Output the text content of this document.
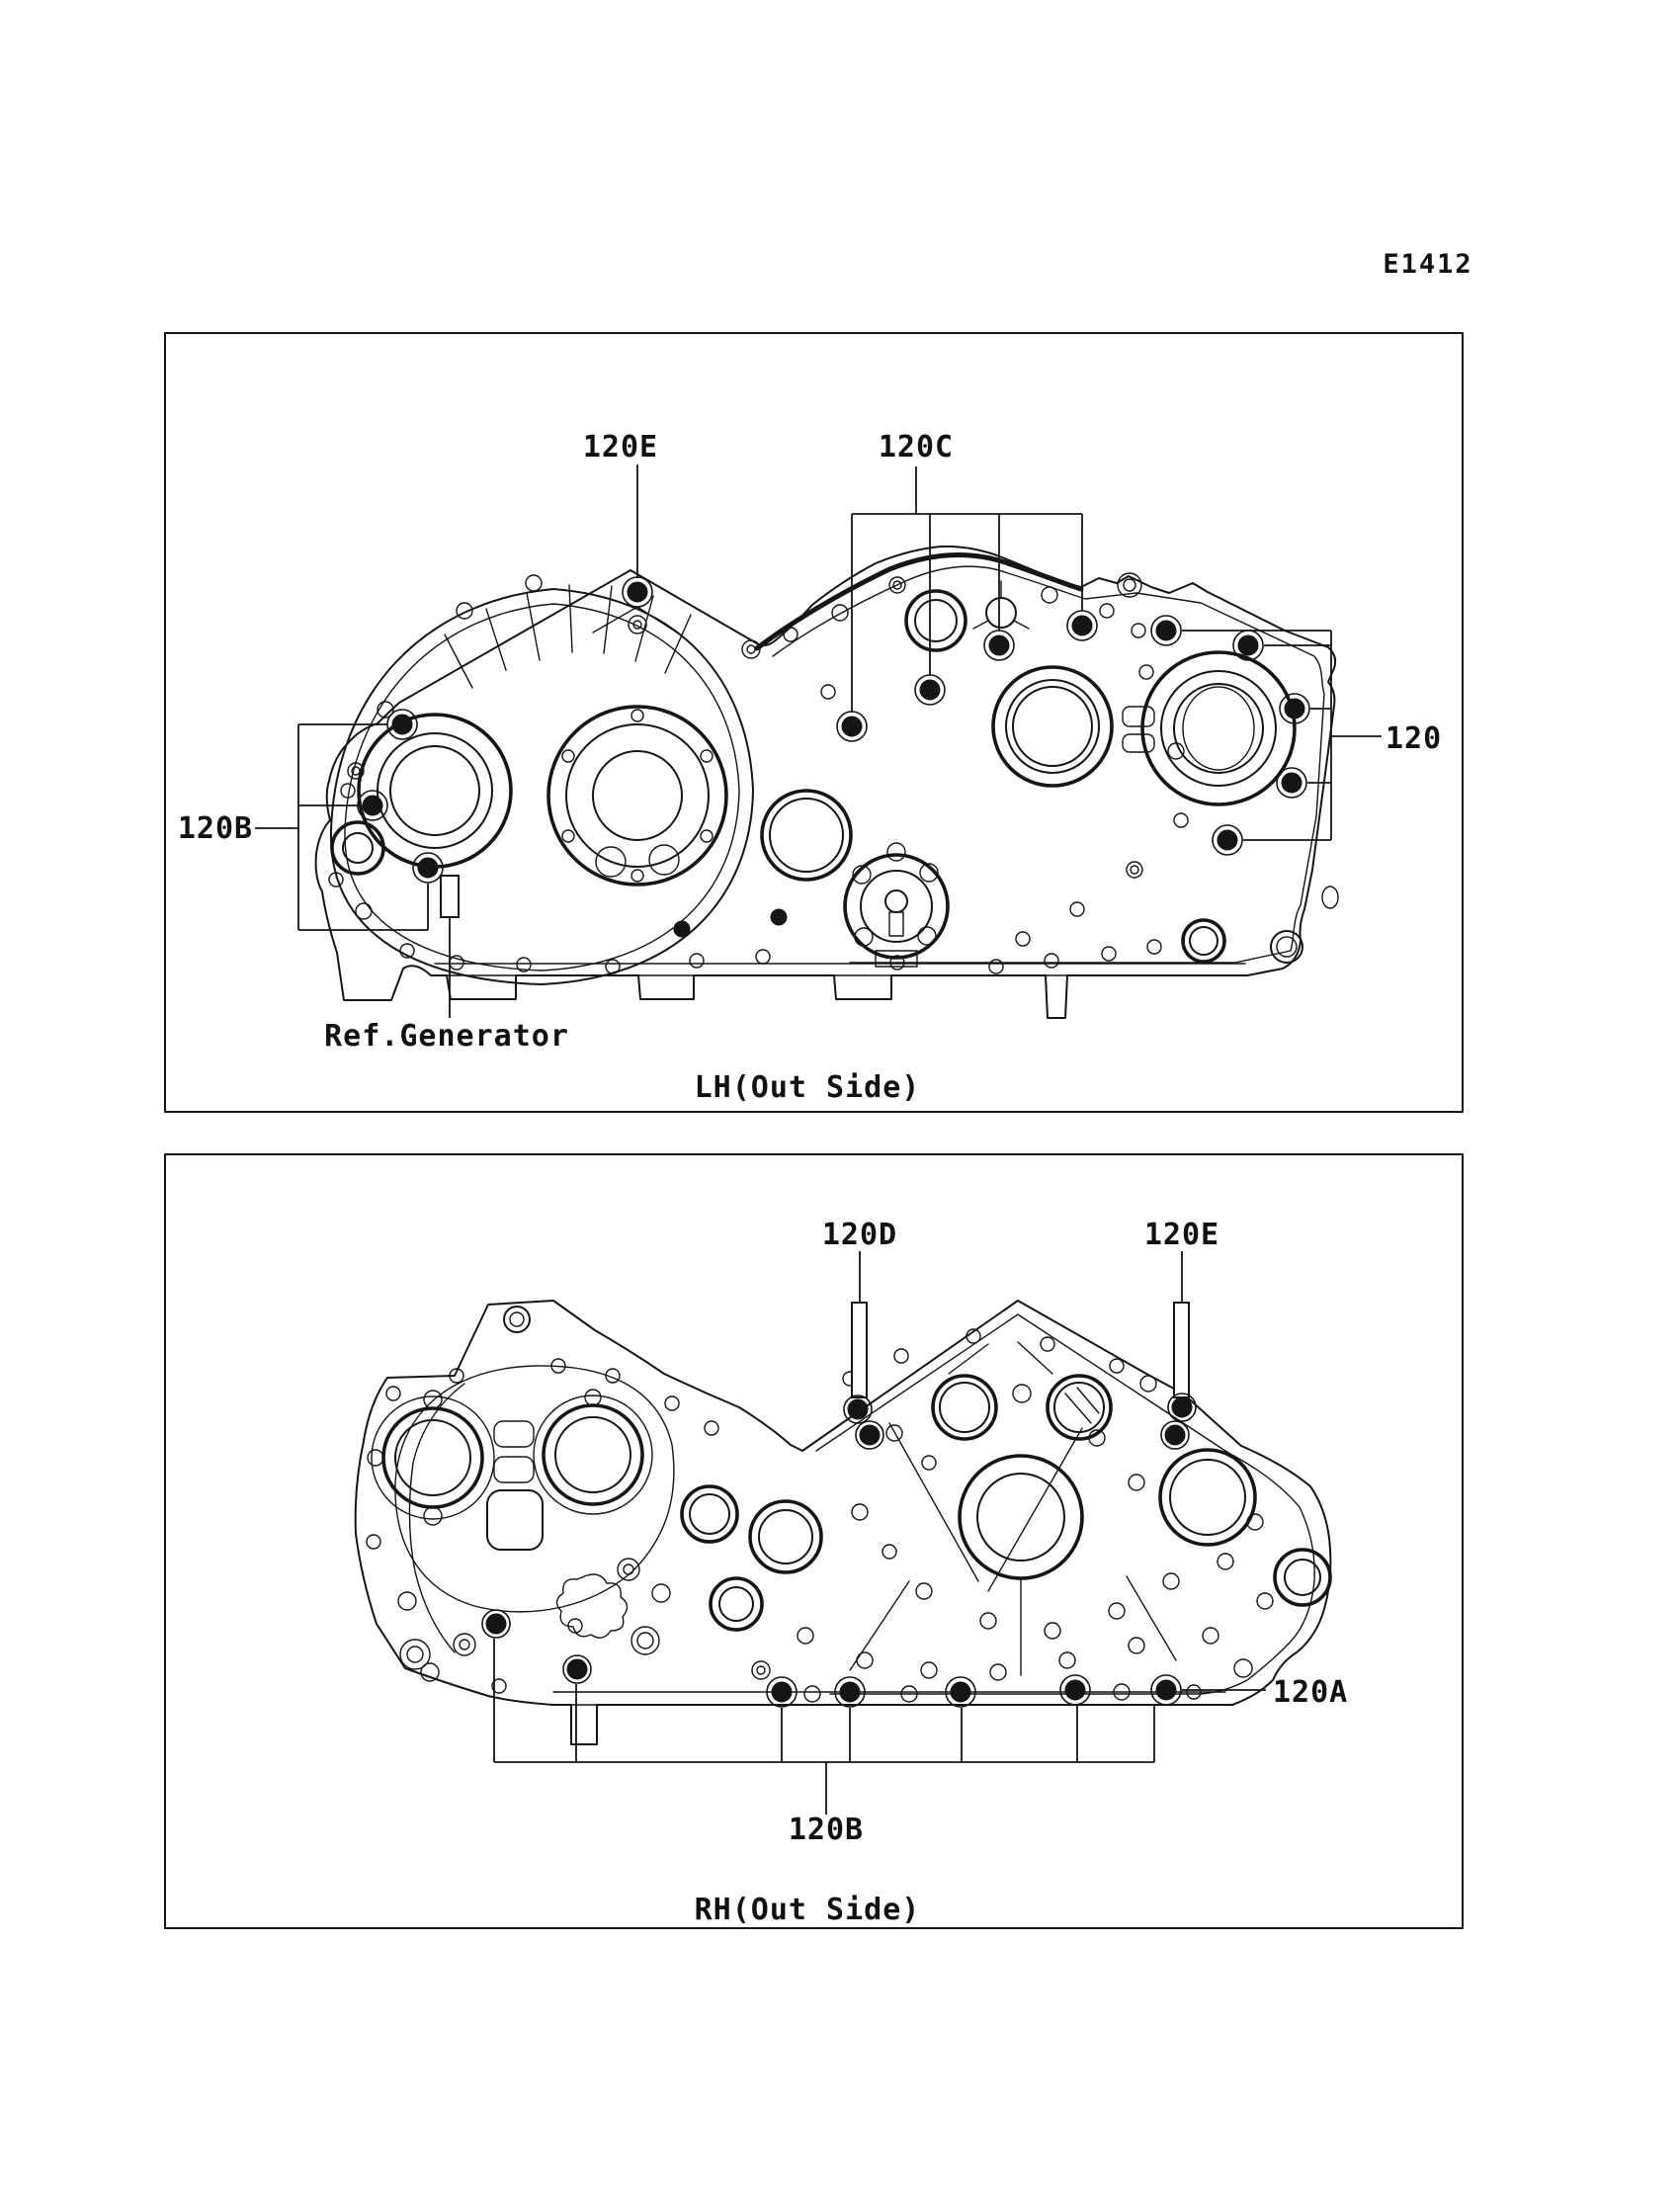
E1412
120E	120C
120
120B
Ref.Generator
LH(Out Side)
120D	120E
120A
120B
RH(Out Side)
